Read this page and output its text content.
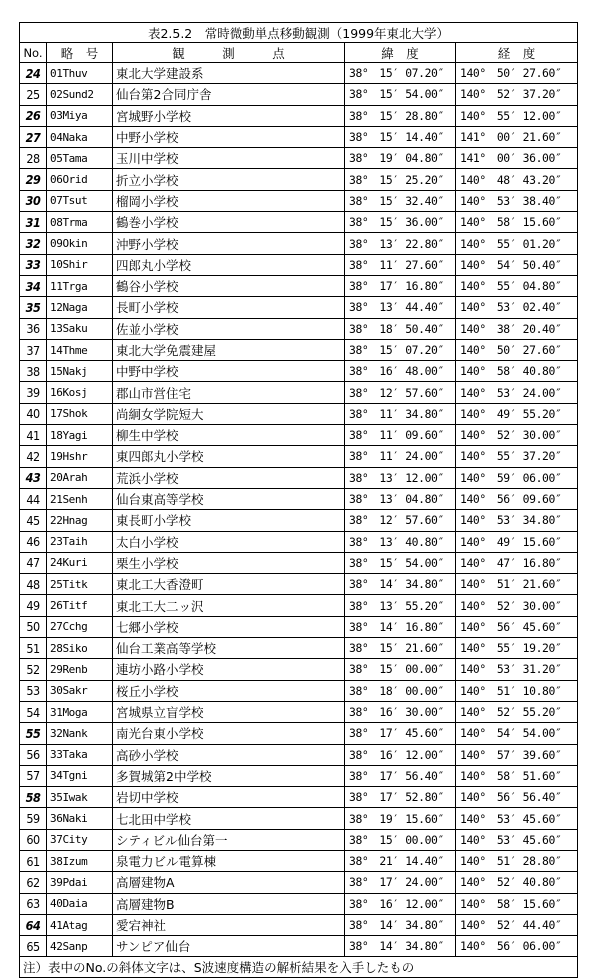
表2.5.2　常時微動単点移動観測（1999年東北大学）				
No.	略　号	観　　　測　　　点	緯　度	経　度
24	01Thuv	東北大学建設系	38°　15′ 07.20″	140°　50′ 27.60″
25	02Sund2	仙台第2合同庁舎	38°　15′ 54.00″	140°　52′ 37.20″
26	03Miya	宮城野小学校	38°　15′ 28.80″	140°　55′ 12.00″
27	04Naka	中野小学校	38°　15′ 14.40″	141°　00′ 21.60″
28	05Tama	玉川中学校	38°　19′ 04.80″	141°　00′ 36.00″
29	06Orid	折立小学校	38°　15′ 25.20″	140°　48′ 43.20″
30	07Tsut	榴岡小学校	38°　15′ 32.40″	140°　53′ 38.40″
31	08Trma	鶴巻小学校	38°　15′ 36.00″	140°　58′ 15.60″
32	09Okin	沖野小学校	38°　13′ 22.80″	140°　55′ 01.20″
33	10Shir	四郎丸小学校	38°　11′ 27.60″	140°　54′ 50.40″
34	11Trga	鶴谷小学校	38°　17′ 16.80″	140°　55′ 04.80″
35	12Naga	長町小学校	38°　13′ 44.40″	140°　53′ 02.40″
36	13Saku	佐並小学校	38°　18′ 50.40″	140°　38′ 20.40″
37	14Thme	東北大学免震建屋	38°　15′ 07.20″	140°　50′ 27.60″
38	15Nakj	中野中学校	38°　16′ 48.00″	140°　58′ 40.80″
39	16Kosj	郡山市営住宅	38°　12′ 57.60″	140°　53′ 24.00″
40	17Shok	尚絅女学院短大	38°　11′ 34.80″	140°　49′ 55.20″
41	18Yagi	柳生中学校	38°　11′ 09.60″	140°　52′ 30.00″
42	19Hshr	東四郎丸小学校	38°　11′ 24.00″	140°　55′ 37.20″
43	20Arah	荒浜小学校	38°　13′ 12.00″	140°　59′ 06.00″
44	21Senh	仙台東高等学校	38°　13′ 04.80″	140°　56′ 09.60″
45	22Hnag	東長町小学校	38°　12′ 57.60″	140°　53′ 34.80″
46	23Taih	太白小学校	38°　13′ 40.80″	140°　49′ 15.60″
47	24Kuri	栗生小学校	38°　15′ 54.00″	140°　47′ 16.80″
48	25Titk	東北工大香澄町	38°　14′ 34.80″	140°　51′ 21.60″
49	26Titf	東北工大二ッ沢	38°　13′ 55.20″	140°　52′ 30.00″
50	27Cchg	七郷小学校	38°　14′ 16.80″	140°　56′ 45.60″
51	28Siko	仙台工業高等学校	38°　15′ 21.60″	140°　55′ 19.20″
52	29Renb	連坊小路小学校	38°　15′ 00.00″	140°　53′ 31.20″
53	30Sakr	桜丘小学校	38°　18′ 00.00″	140°　51′ 10.80″
54	31Moga	宮城県立盲学校	38°　16′ 30.00″	140°　52′ 55.20″
55	32Nank	南光台東小学校	38°　17′ 45.60″	140°　54′ 54.00″
56	33Taka	高砂小学校	38°　16′ 12.00″	140°　57′ 39.60″
57	34Tgni	多賀城第2中学校	38°　17′ 56.40″	140°　58′ 51.60″
58	35Iwak	岩切中学校	38°　17′ 52.80″	140°　56′ 56.40″
59	36Naki	七北田中学校	38°　19′ 15.60″	140°　53′ 45.60″
60	37City	シティビル仙台第一	38°　15′ 00.00″	140°　53′ 45.60″
61	38Izum	泉電力ビル電算棟	38°　21′ 14.40″	140°　51′ 28.80″
62	39Pdai	高層建物A	38°　17′ 24.00″	140°　52′ 40.80″
63	40Daia	高層建物B	38°　16′ 12.00″	140°　58′ 15.60″
64	41Atag	愛宕神社	38°　14′ 34.80″	140°　52′ 44.40″
65	42Sanp	サンピア仙台	38°　14′ 34.80″	140°　56′ 06.00″
注）表中のNo.の斜体文字は、S波速度構造の解析結果を入手したもの				
